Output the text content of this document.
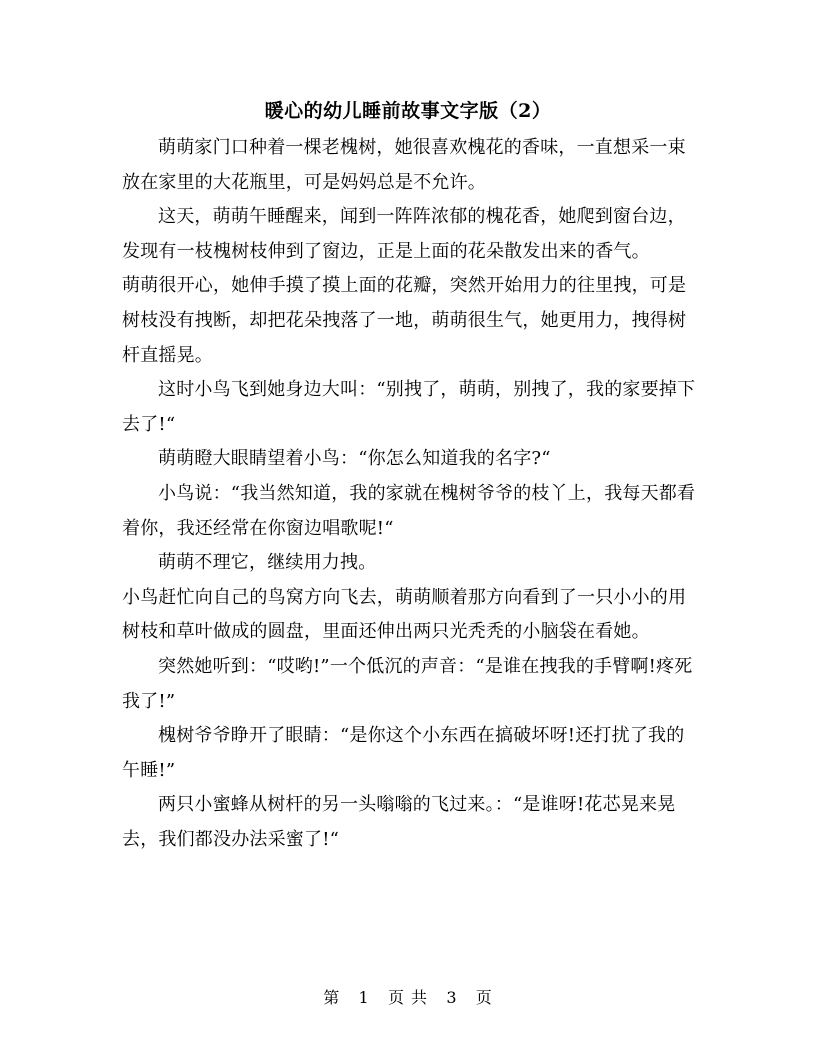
暖心的幼儿睡前故事文字版（2）

萌萌家门口种着一棵老槐树，她很喜欢槐花的香味，一直想采一束放在家里的大花瓶里，可是妈妈总是不允许。

这天，萌萌午睡醒来，闻到一阵阵浓郁的槐花香，她爬到窗台边，发现有一枝槐树枝伸到了窗边，正是上面的花朵散发出来的香气。

萌萌很开心，她伸手摸了摸上面的花瓣，突然开始用力的往里拽，可是树枝没有拽断，却把花朵拽落了一地，萌萌很生气，她更用力，拽得树杆直摇晃。

这时小鸟飞到她身边大叫：“别拽了，萌萌，别拽了，我的家要掉下去了!“

萌萌瞪大眼睛望着小鸟：“你怎么知道我的名字?“

小鸟说：“我当然知道，我的家就在槐树爷爷的枝丫上，我每天都看着你，我还经常在你窗边唱歌呢!“

萌萌不理它，继续用力拽。

小鸟赶忙向自己的鸟窝方向飞去，萌萌顺着那方向看到了一只小小的用树枝和草叶做成的圆盘，里面还伸出两只光秃秃的小脑袋在看她。

突然她听到：“哎哟!”一个低沉的声音：“是谁在拽我的手臂啊!疼死我了!”

槐树爷爷睁开了眼睛：“是你这个小东西在搞破坏呀!还打扰了我的午睡!”

两只小蜜蜂从树杆的另一头嗡嗡的飞过来。：“是谁呀!花芯晃来晃去，我们都没办法采蜜了!“

第 1 页 共 3 页
